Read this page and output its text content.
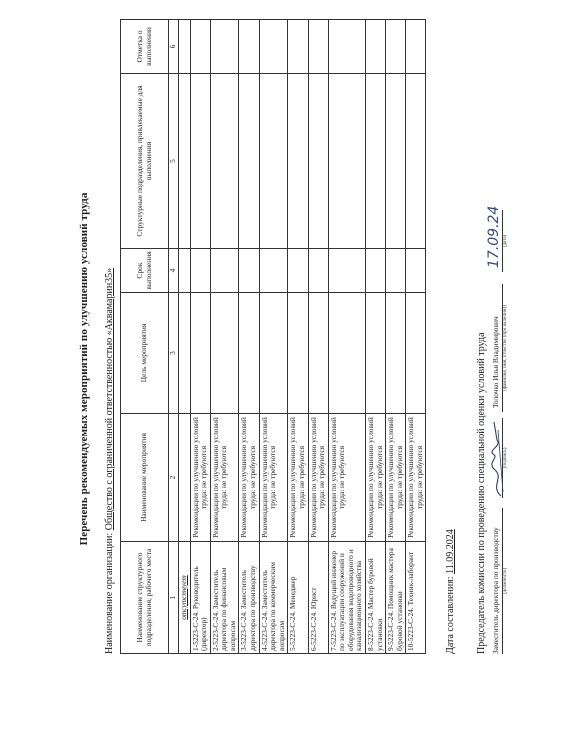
Перечень рекомендуемых мероприятий по улучшению условий труда
Наименование организации: Общество с ограниченной ответственностью «Аквамарин35»
Наименование структурного подразделения, рабочего места	Наименование мероприятия	Цель мероприятия	Срок выполнения	Структурные подразделения, привлекаемые для выполнения	Отметка о выполнении
1	2	3	4	5	6

отсутствует					

1-5223-С-24. Руководитель (директор)	Рекомендации по улучшению условий труда: не требуются				
2-5223-С-24. Заместитель директора по финансовым вопросам	Рекомендации по улучшению условий труда: не требуются				
3-5223-С-24. Заместитель директора по производству	Рекомендации по улучшению условий труда: не требуются				
4-5223-С-24. Заместитель директора по коммерческим вопросам	Рекомендации по улучшению условий труда: не требуются				
5-5223-С-24. Менеджер	Рекомендации по улучшению условий труда: не требуются				
6-5223-С-24. Юрист	Рекомендации по улучшению условий труда: не требуются				
7-5223-С-24. Ведущий инженер по эксплуатации сооружений и оборудования водопроводного и канализационного хозяйства	Рекомендации по улучшению условий труда: не требуются				
8-5223-С-24. Мастер буровой установки	Рекомендации по улучшению условий труда: не требуются				
9-5223-С-24. Помощник мастера буровой установки	Рекомендации по улучшению условий труда: не требуются				
10-5223-С-24. Техник-лаборант	Рекомендации по улучшению условий труда: не требуются				
Дата составления: 11.09.2024 Председатель комиссии по проведению специальной оценки условий труда Заместитель директора по производству
Толочко Илья Владимирович
(должность)
(подпись)
(фамилия, имя, отчество (при наличии))
(дата)
17.09.24
